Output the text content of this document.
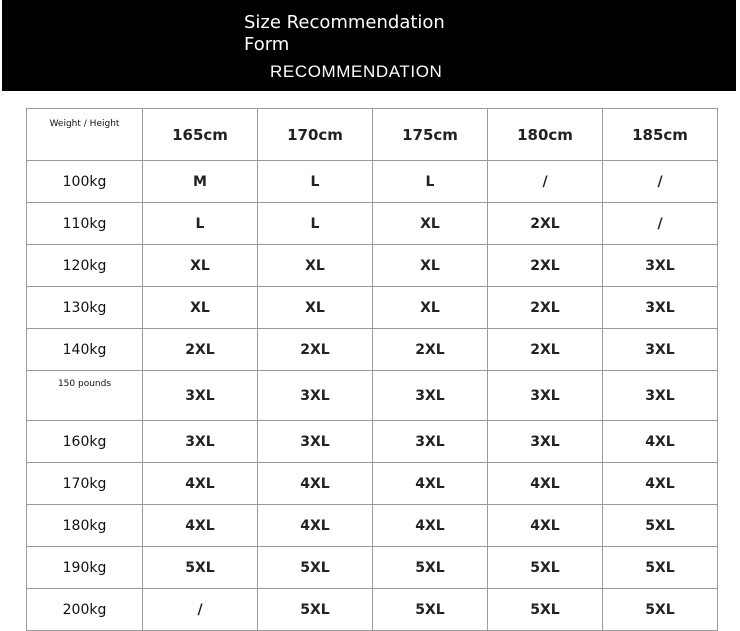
Size Recommendation Form
RECOMMENDATION
Weight / Height	165cm	170cm	175cm	180cm	185cm
100kg	M	L	L	/	/
110kg	L	L	XL	2XL	/
120kg	XL	XL	XL	2XL	3XL
130kg	XL	XL	XL	2XL	3XL
140kg	2XL	2XL	2XL	2XL	3XL
150 pounds	3XL	3XL	3XL	3XL	3XL
160kg	3XL	3XL	3XL	3XL	4XL
170kg	4XL	4XL	4XL	4XL	4XL
180kg	4XL	4XL	4XL	4XL	5XL
190kg	5XL	5XL	5XL	5XL	5XL
200kg	/	5XL	5XL	5XL	5XL
